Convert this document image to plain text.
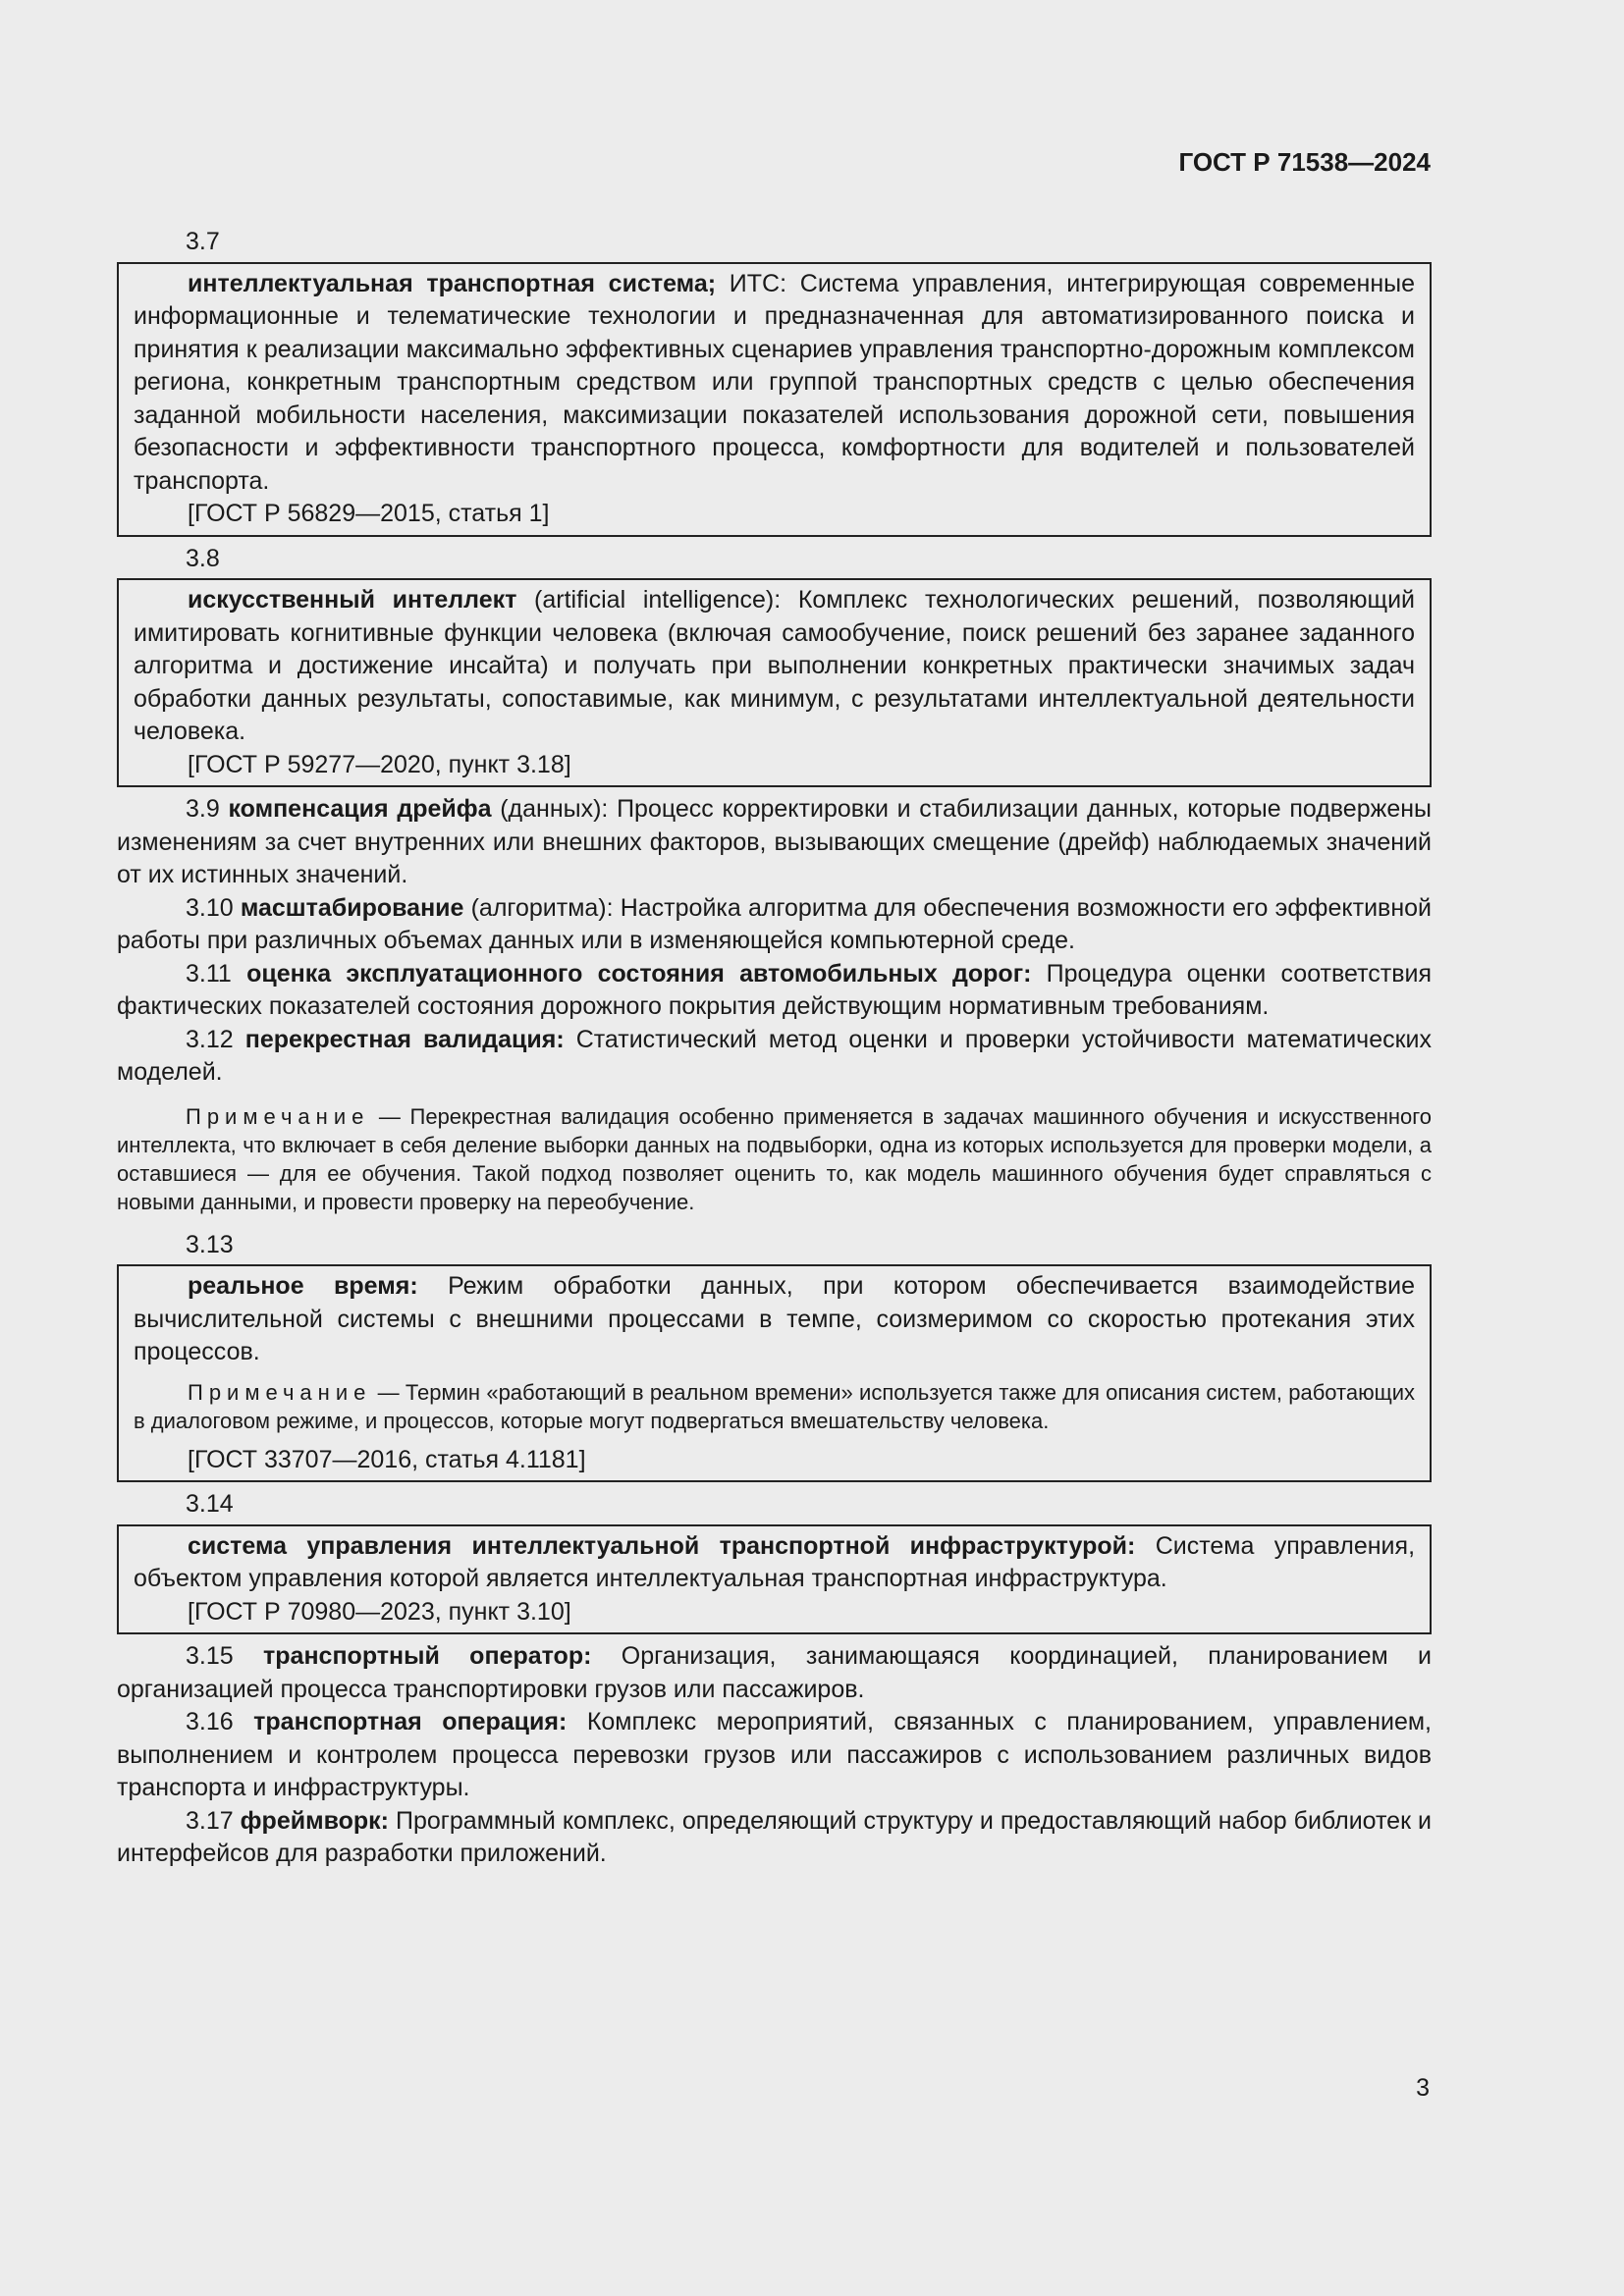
ГОСТ Р 71538—2024
3.7

интеллектуальная транспортная система; ИТС: Система управления, интегрирующая современные информационные и телематические технологии и предназначенная для автоматизированного поиска и принятия к реализации максимально эффективных сценариев управления транспортно-дорожным комплексом региона, конкретным транспортным средством или группой транспортных средств с целью обеспечения заданной мобильности населения, максимизации показателей использования дорожной сети, повышения безопасности и эффективности транспортного процесса, комфортности для водителей и пользователей транспорта.

[ГОСТ Р 56829—2015, статья 1]

3.8

искусственный интеллект (artificial intelligence): Комплекс технологических решений, позволяющий имитировать когнитивные функции человека (включая самообучение, поиск решений без заранее заданного алгоритма и достижение инсайта) и получать при выполнении конкретных практически значимых задач обработки данных результаты, сопоставимые, как минимум, с результатами интеллектуальной деятельности человека.

[ГОСТ Р 59277—2020, пункт 3.18]

3.9 компенсация дрейфа (данных): Процесс корректировки и стабилизации данных, которые подвержены изменениям за счет внутренних или внешних факторов, вызывающих смещение (дрейф) наблюдаемых значений от их истинных значений.

3.10 масштабирование (алгоритма): Настройка алгоритма для обеспечения возможности его эффективной работы при различных объемах данных или в изменяющейся компьютерной среде.

3.11 оценка эксплуатационного состояния автомобильных дорог: Процедура оценки соответствия фактических показателей состояния дорожного покрытия действующим нормативным требованиям.

3.12 перекрестная валидация: Статистический метод оценки и проверки устойчивости математических моделей.

Примечание — Перекрестная валидация особенно применяется в задачах машинного обучения и искусственного интеллекта, что включает в себя деление выборки данных на подвыборки, одна из которых используется для проверки модели, а оставшиеся — для ее обучения. Такой подход позволяет оценить то, как модель машинного обучения будет справляться с новыми данными, и провести проверку на переобучение.

3.13

реальное время: Режим обработки данных, при котором обеспечивается взаимодействие вычислительной системы с внешними процессами в темпе, соизмеримом со скоростью протекания этих процессов.

Примечание — Термин «работающий в реальном времени» используется также для описания систем, работающих в диалоговом режиме, и процессов, которые могут подвергаться вмешательству человека.

[ГОСТ 33707—2016, статья 4.1181]

3.14

система управления интеллектуальной транспортной инфраструктурой: Система управления, объектом управления которой является интеллектуальная транспортная инфраструктура.

[ГОСТ Р 70980—2023, пункт 3.10]

3.15 транспортный оператор: Организация, занимающаяся координацией, планированием и организацией процесса транспортировки грузов или пассажиров.

3.16 транспортная операция: Комплекс мероприятий, связанных с планированием, управлением, выполнением и контролем процесса перевозки грузов или пассажиров с использованием различных видов транспорта и инфраструктуры.

3.17 фреймворк: Программный комплекс, определяющий структуру и предоставляющий набор библиотек и интерфейсов для разработки приложений.

3
